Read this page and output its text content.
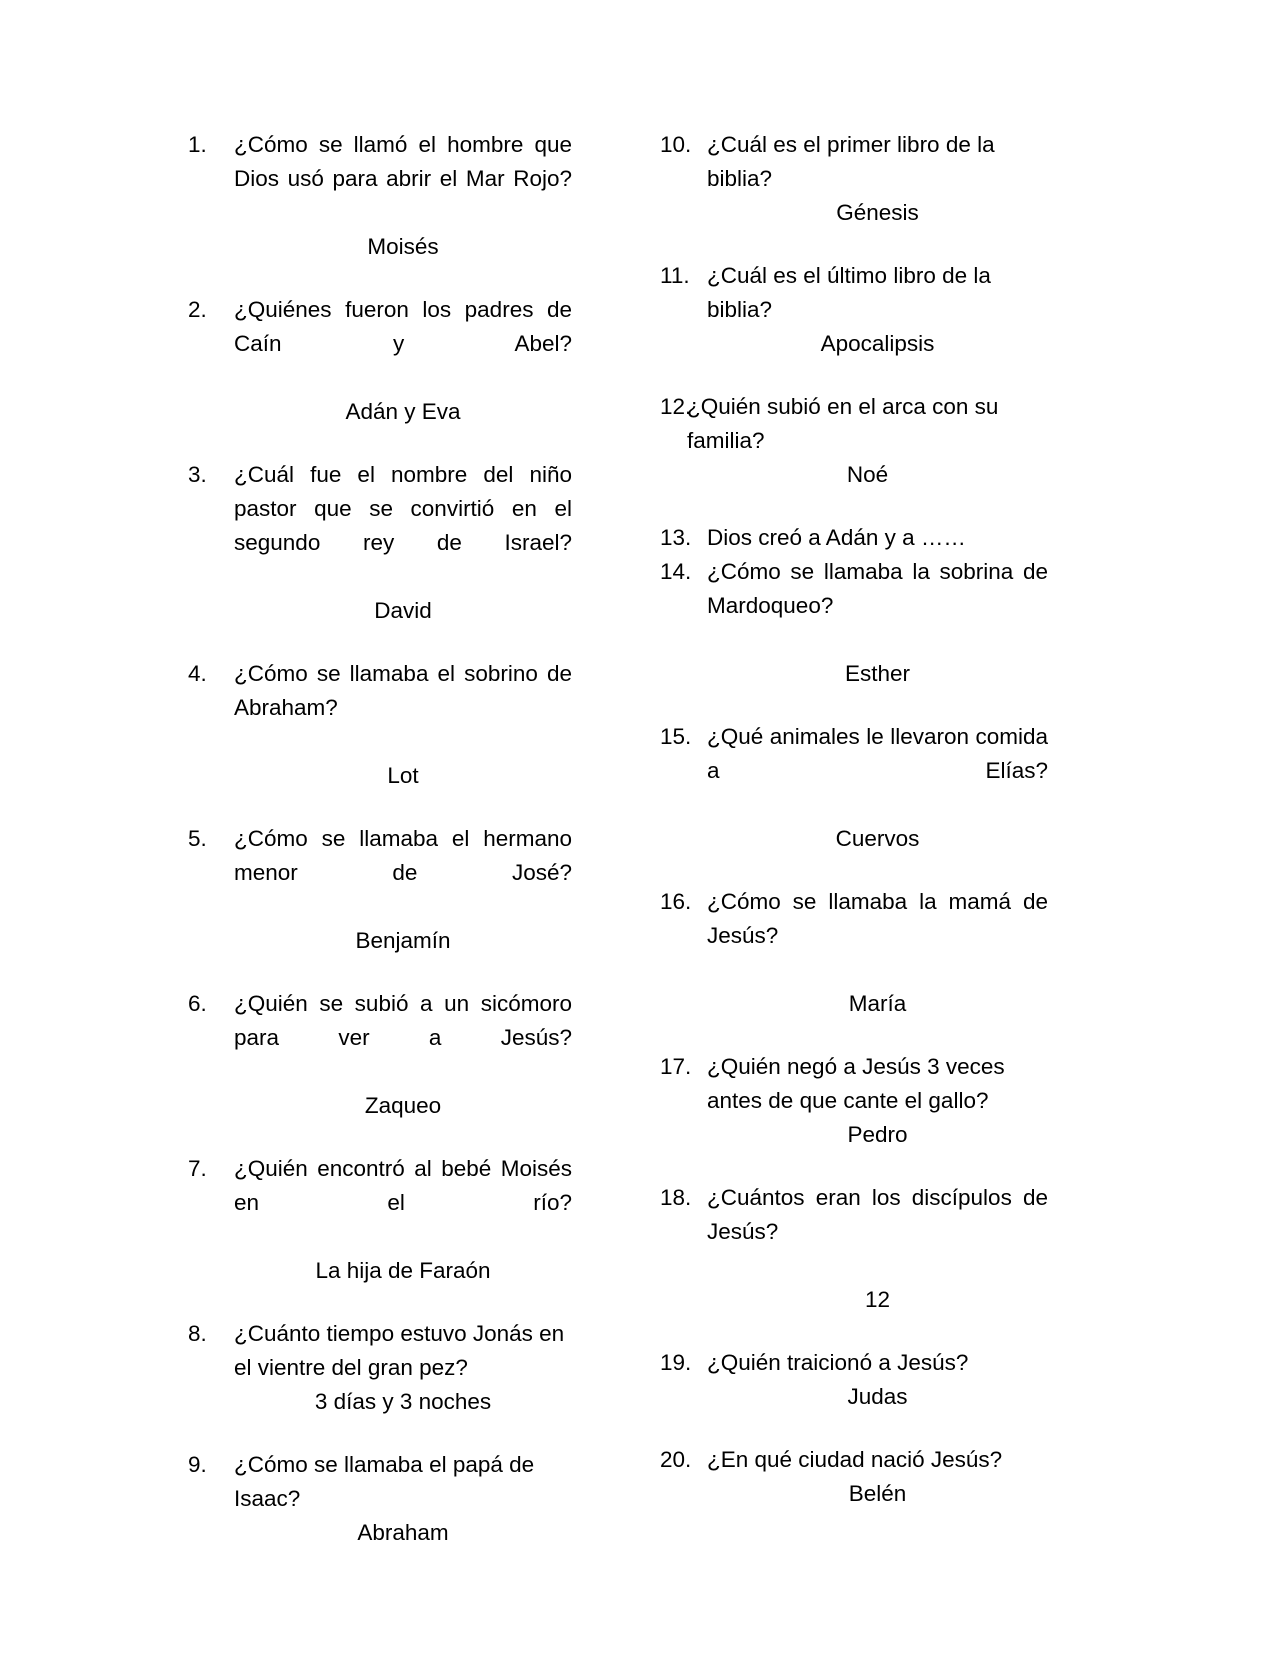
1.	¿Cómo se llamó el hombre que Dios usó para abrir el Mar Rojo?
Moisés
2.	¿Quiénes fueron los padres de Caín y Abel?
Adán y Eva
3.	¿Cuál fue el nombre del niño pastor que se convirtió en el segundo rey de Israel?
David
4.	¿Cómo se llamaba el sobrino de Abraham?
Lot
5.	¿Cómo se llamaba el hermano menor de José?
Benjamín
6.	¿Quién se subió a un sicómoro para ver a Jesús?
Zaqueo
7.	¿Quién encontró al bebé Moisés en el río?
La hija de Faraón
8.	¿Cuánto tiempo estuvo Jonás en el vientre del gran pez?
3 días y 3 noches
9.	¿Cómo se llamaba el papá de Isaac?
Abraham
10. ¿Cuál es el primer libro de la biblia?
Génesis
11. ¿Cuál es el último libro de la biblia?
Apocalipsis
12.
¿Quién subió en el arca con su familia?
Noé
13. Dios creó a Adán y a ……
14. ¿Cómo se llamaba la sobrina de Mardoqueo?
Esther
15. ¿Qué animales le llevaron comida a Elías?
Cuervos
16. ¿Cómo se llamaba la mamá de Jesús?
María
17. ¿Quién negó a Jesús 3 veces antes de que cante el gallo?
Pedro
18. ¿Cuántos eran los discípulos de Jesús?
12
19. ¿Quién traicionó a Jesús?
Judas
20. ¿En qué ciudad nació Jesús?
Belén
